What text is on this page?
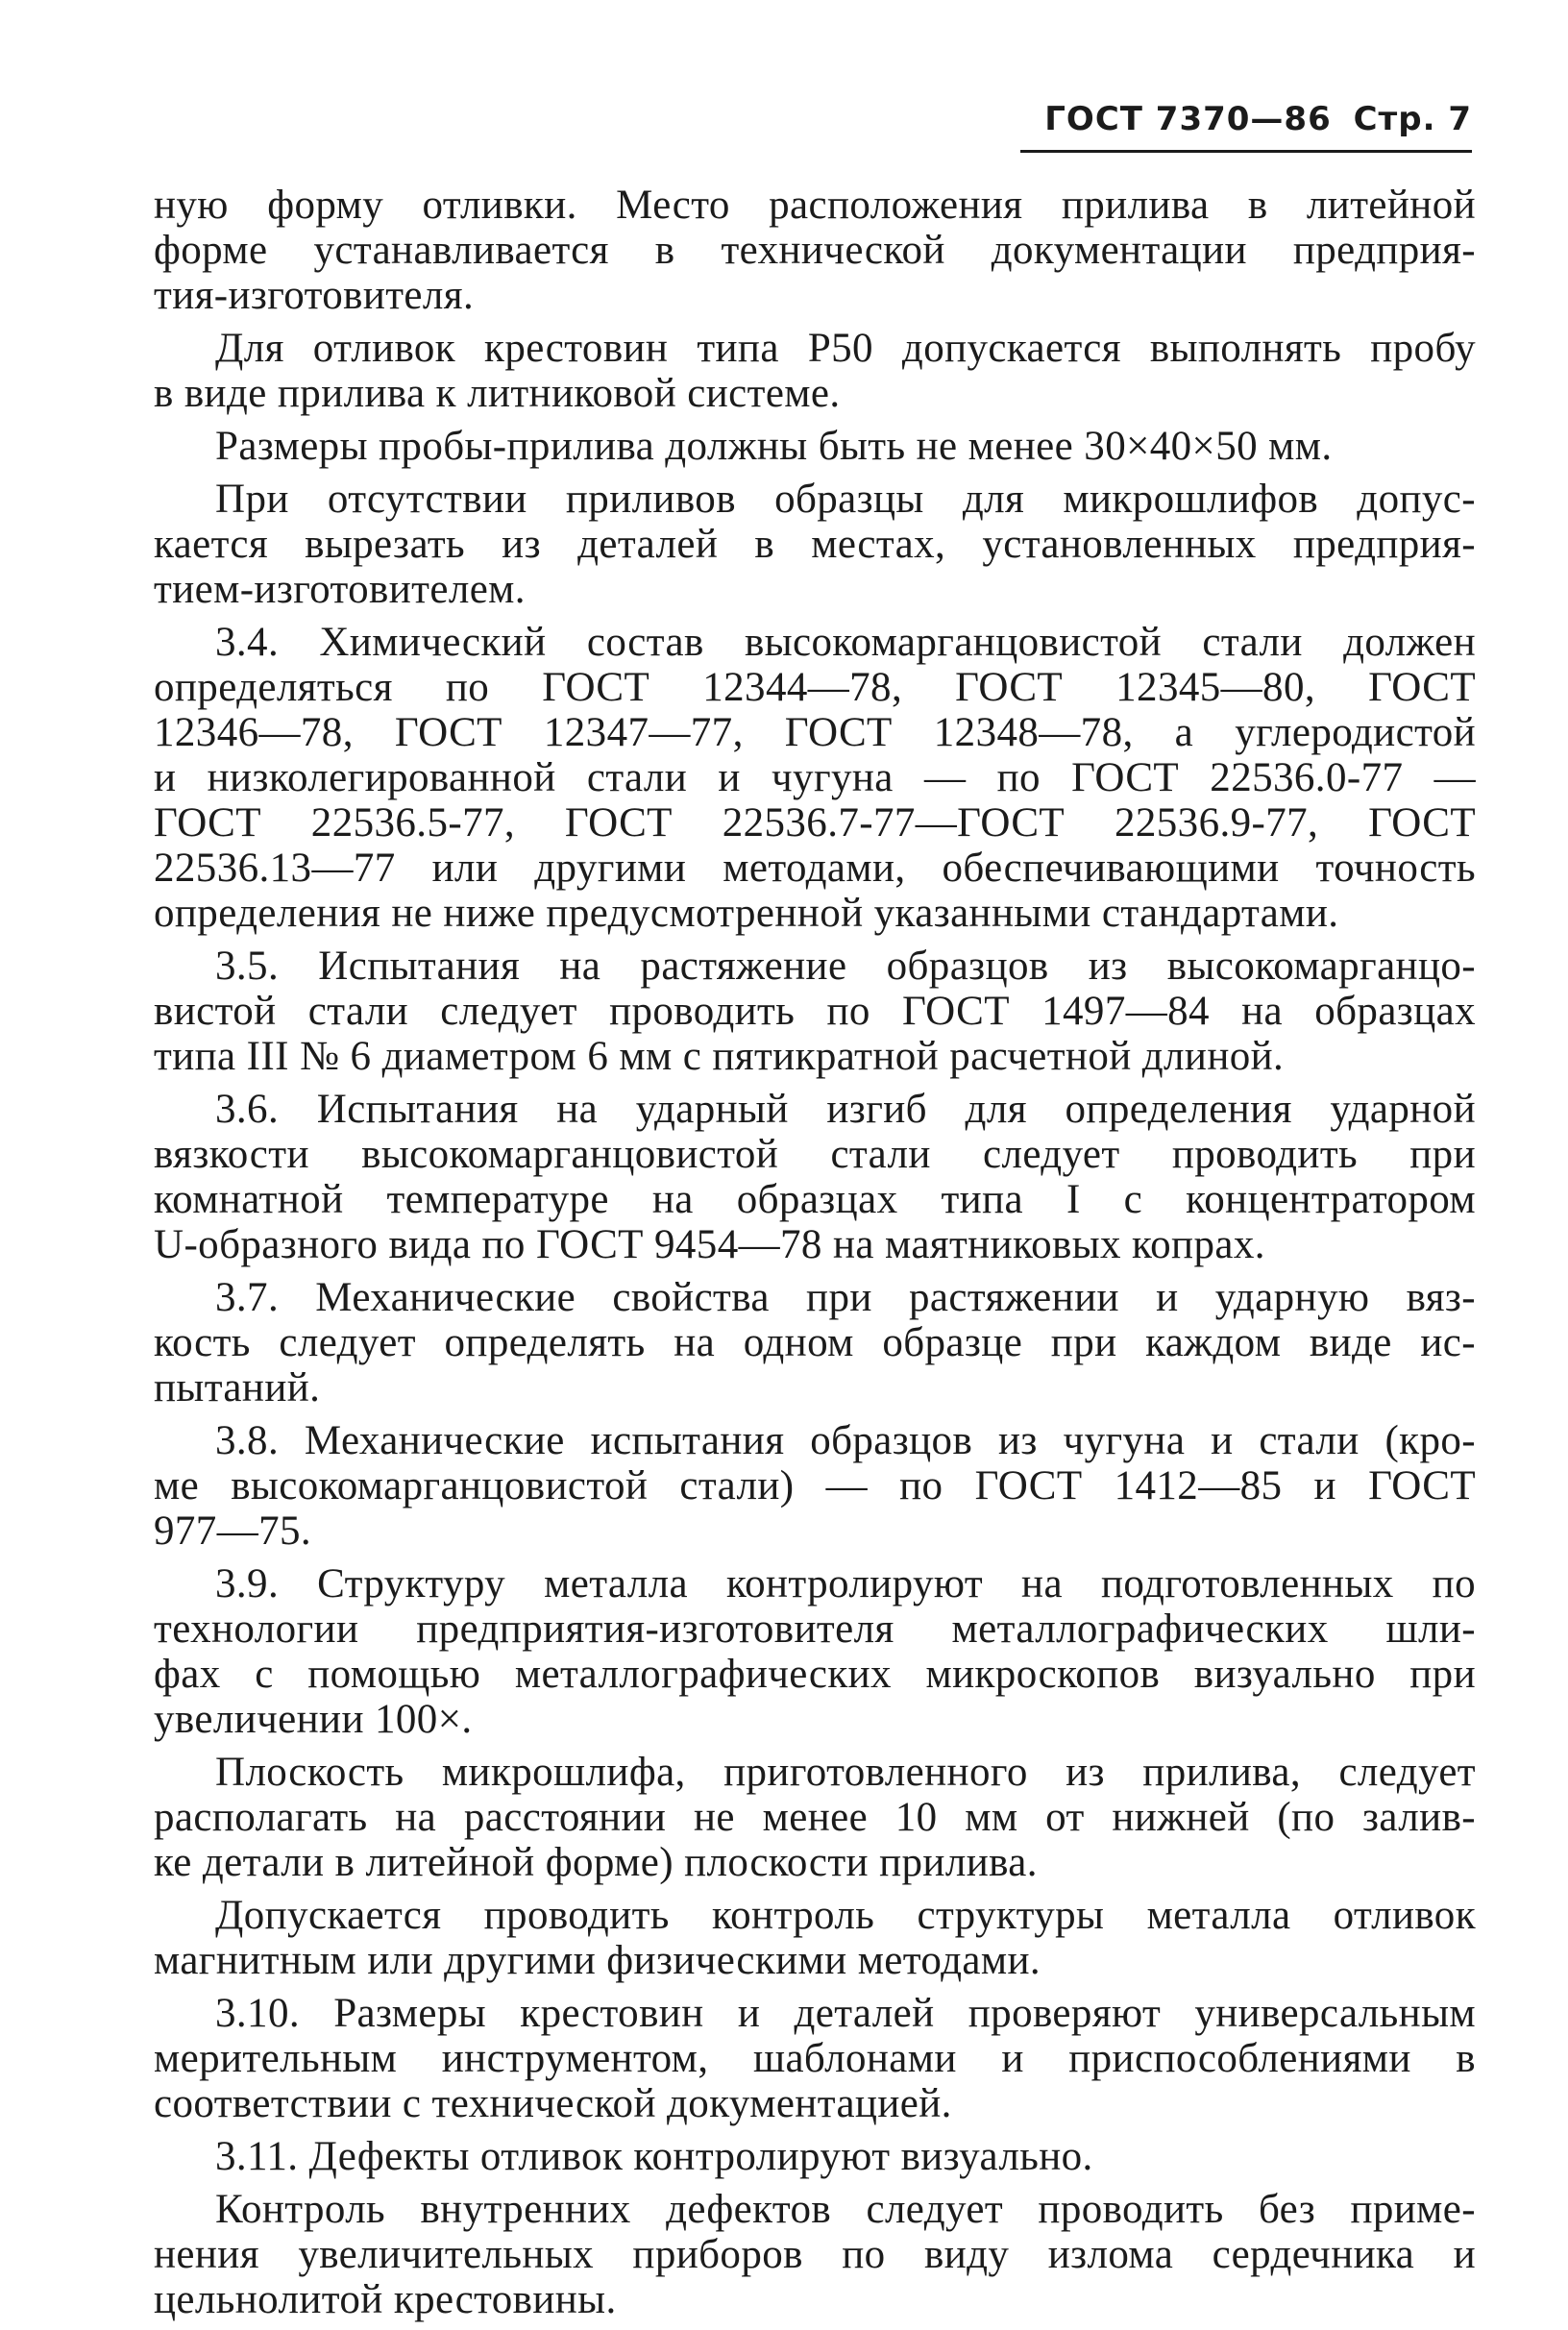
ГОСТ 7370—86 Стр. 7
ную форму отливки. Место расположения прилива в литейной
форме устанавливается в технической документации предприя-
тия-изготовителя.
Для отливок крестовин типа Р50 допускается выполнять пробу
в виде прилива к литниковой системе.
Размеры пробы-прилива должны быть не менее 30×40×50 мм.
При отсутствии приливов образцы для микрошлифов допус-
кается вырезать из деталей в местах, установленных предприя-
тием-изготовителем.
3.4. Химический состав высокомарганцовистой стали должен
определяться по ГОСТ 12344—78, ГОСТ 12345—80, ГОСТ
12346—78, ГОСТ 12347—77, ГОСТ 12348—78, а углеродистой
и низколегированной стали и чугуна — по ГОСТ 22536.0-77 —
ГОСТ 22536.5-77, ГОСТ 22536.7-77—ГОСТ 22536.9-77, ГОСТ
22536.13—77 или другими методами, обеспечивающими точность
определения не ниже предусмотренной указанными стандартами.
3.5. Испытания на растяжение образцов из высокомарганцо-
вистой стали следует проводить по ГОСТ 1497—84 на образцах
типа III № 6 диаметром 6 мм с пятикратной расчетной длиной.
3.6. Испытания на ударный изгиб для определения ударной
вязкости высокомарганцовистой стали следует проводить при
комнатной температуре на образцах типа I с концентратором
U-образного вида по ГОСТ 9454—78 на маятниковых копрах.
3.7. Механические свойства при растяжении и ударную вяз-
кость следует определять на одном образце при каждом виде ис-
пытаний.
3.8. Механические испытания образцов из чугуна и стали (кро-
ме высокомарганцовистой стали) — по ГОСТ 1412—85 и ГОСТ
977—75.
3.9. Структуру металла контролируют на подготовленных по
технологии предприятия-изготовителя металлографических шли-
фах с помощью металлографических микроскопов визуально при
увеличении 100×.
Плоскость микрошлифа, приготовленного из прилива, следует
располагать на расстоянии не менее 10 мм от нижней (по залив-
ке детали в литейной форме) плоскости прилива.
Допускается проводить контроль структуры металла отливок
магнитным или другими физическими методами.
3.10. Размеры крестовин и деталей проверяют универсальным
мерительным инструментом, шаблонами и приспособлениями в
соответствии с технической документацией.
3.11. Дефекты отливок контролируют визуально.
Контроль внутренних дефектов следует проводить без приме-
нения увеличительных приборов по виду излома сердечника и
цельнолитой крестовины.
